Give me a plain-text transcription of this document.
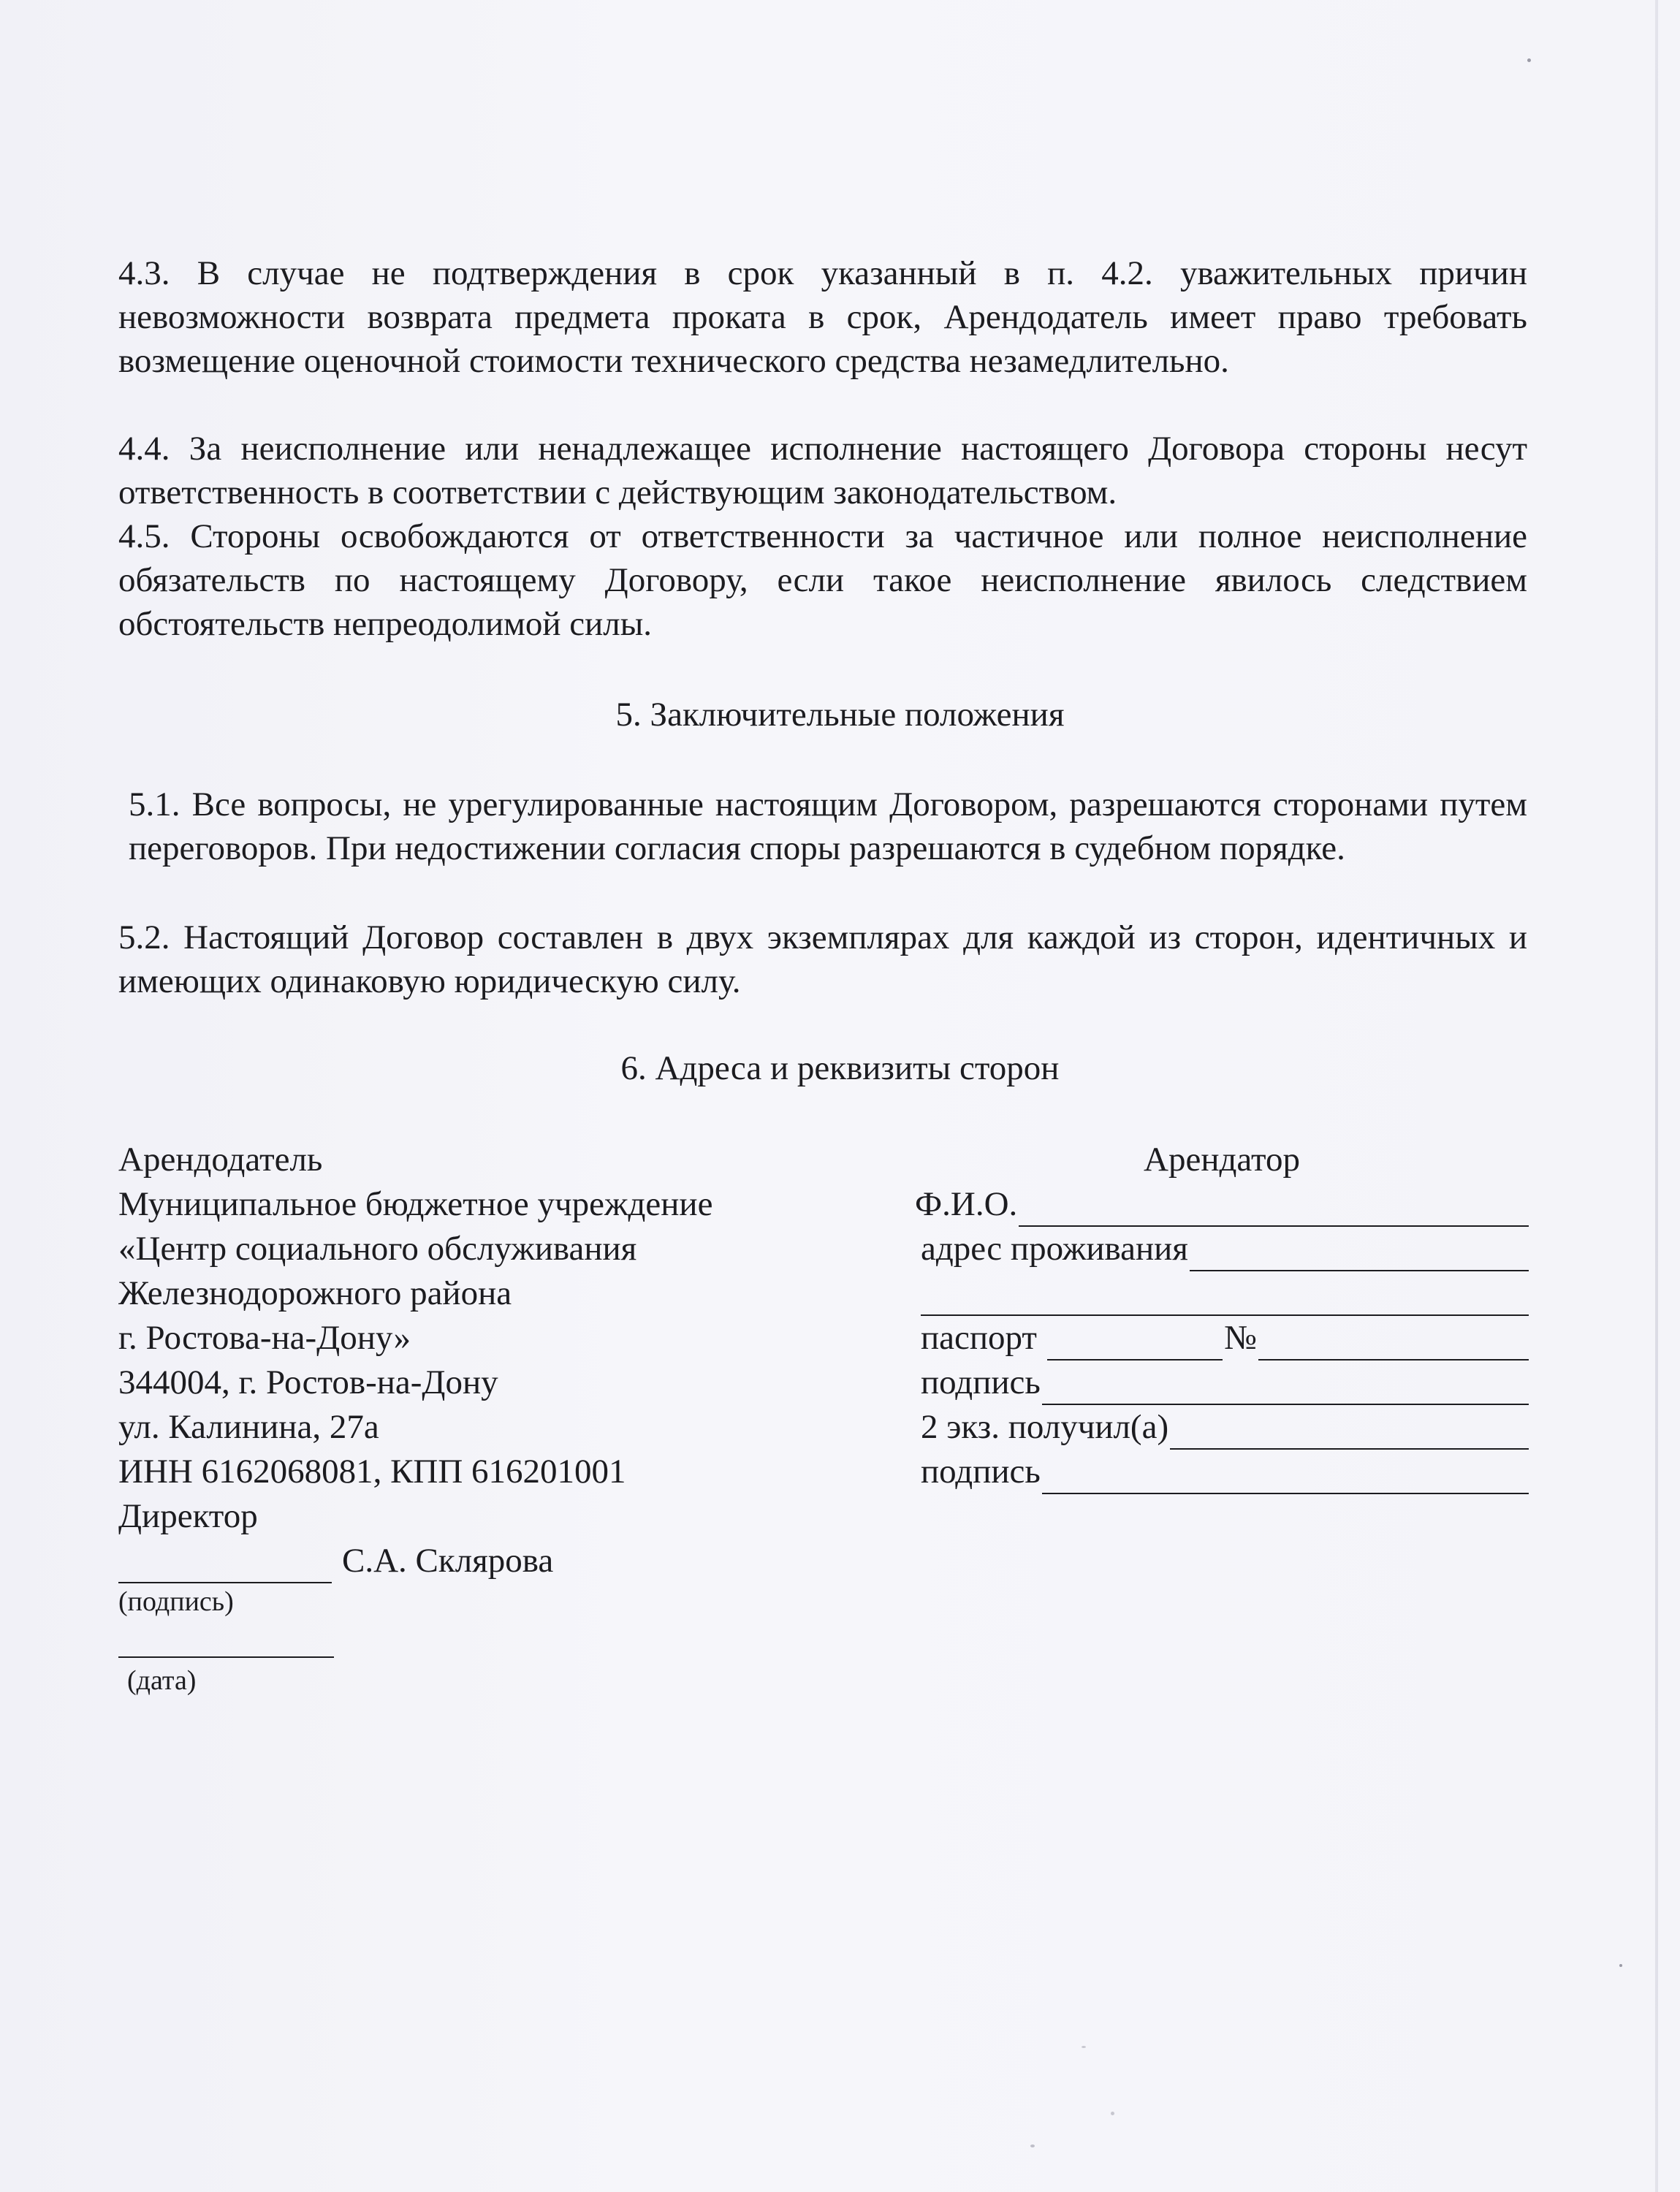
4.3. В случае не подтверждения в срок указанный в п. 4.2. уважительных причин невозможности возврата предмета проката в срок, Арендодатель имеет право требовать возмещение оценочной стоимости технического средства незамедлительно.
4.4. За неисполнение или ненадлежащее исполнение настоящего Договора стороны несут ответственность в соответствии с действующим законодательством.
4.5. Стороны освобождаются от ответственности за частичное или полное неисполнение обязательств по настоящему Договору, если такое неисполнение явилось следствием обстоятельств непреодолимой силы.
5. Заключительные положения
5.1. Все вопросы, не урегулированные настоящим Договором, разрешаются сторонами путем переговоров. При недостижении согласия споры разрешаются в судебном порядке.
5.2. Настоящий Договор составлен в двух экземплярах для каждой из сторон, идентичных и имеющих одинаковую юридическую силу.
6. Адреса и реквизиты сторон
Арендодатель
Муниципальное бюджетное учреждение
«Центр социального обслуживания
Железнодорожного района
г. Ростова-на-Дону»
344004, г. Ростов-на-Дону
ул. Калинина, 27а
ИНН 6162068081, КПП 616201001
Директор
С.А. Склярова
(подпись)
(дата)
Арендатор
Ф.И.О.
адрес проживания
паспорт	№
подпись
2 экз. получил(а)
подпись
